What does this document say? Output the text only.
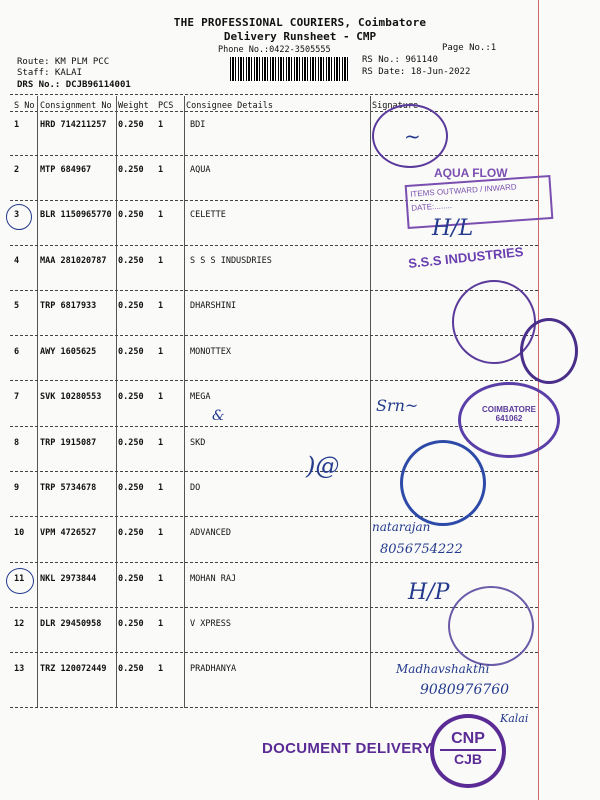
THE PROFESSIONAL COURIERS, Coimbatore
Delivery Runsheet - CMP
Phone No.:0422-3505555	Page No.:1
Route: KM PLM PCC
Staff: KALAI
DRS No.: DCJB96114001
RS No.: 961140
RS Date: 18-Jun-2022
S No Consignment No Weight PCS Consignee Details	Signature
1 HRD 714211257 0.250 1	BDI
2 MTP 684967	0.250 1	AQUA
3 BLR 1150965770 0.250 1	CELETTE
4 MAA 281020787 0.250 1	S S S INDUSDRIES
5 TRP 6817933	0.250 1	DHARSHINI
6 AWY 1605625	0.250 1	MONOTTEX
7 SVK 10280553 0.250 1	MEGA
8 TRP 1915087	0.250 1	SKD
9 TRP 5734678	0.250 1	DO
10 VPM 4726527	0.250 1	ADVANCED
11 NKL 2973844	0.250 1	MOHAN RAJ
12 DLR 29450958 0.250 1	V XPRESS
13 TRZ 120072449 0.250 1	PRADHANYA
~
AQUA FLOW
ITEMS OUTWARD / INWARD
DATE:........
H/L
S.S.S INDUSTRIES
Srn~
&	COIMBATORE
641062
)@
natarajan
8056754222
H/P
Madhavshakthi
9080976760
Kalai
DOCUMENT DELIVERY
CNP
CJB
